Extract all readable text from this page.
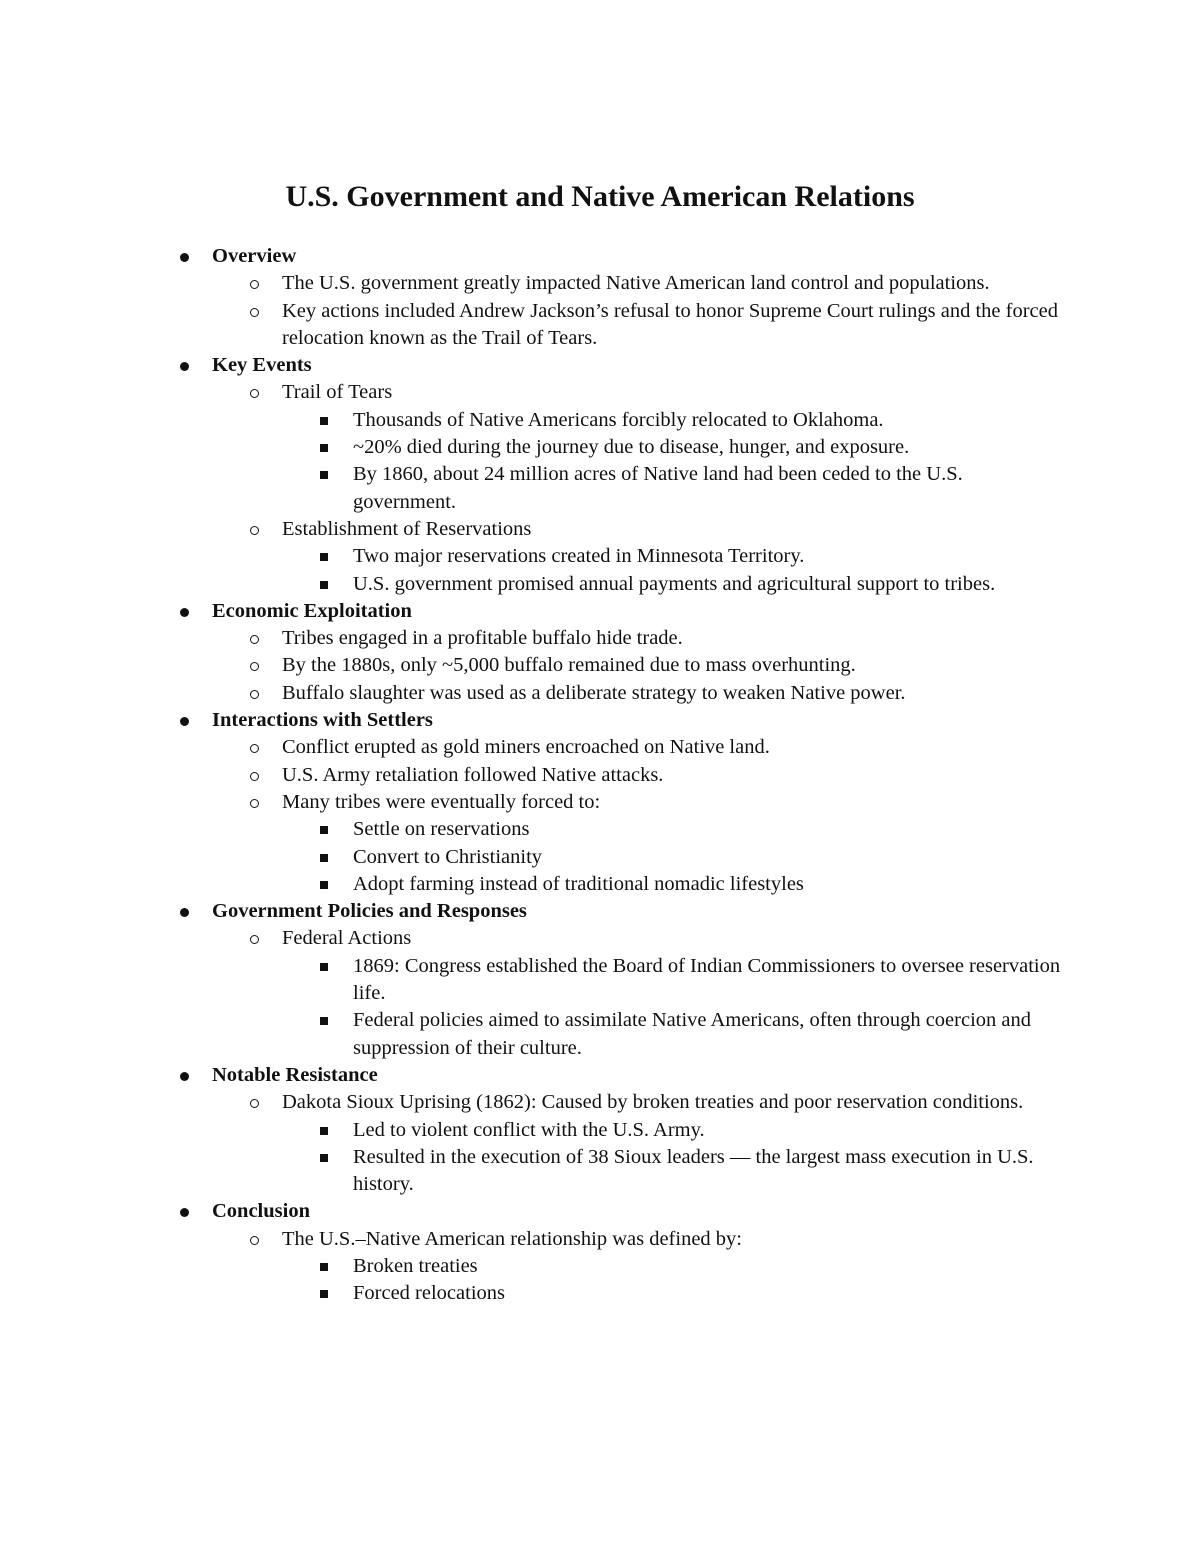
U.S. Government and Native American Relations
Overview
The U.S. government greatly impacted Native American land control and populations.
Key actions included Andrew Jackson’s refusal to honor Supreme Court rulings and the forced relocation known as the Trail of Tears.
Key Events
Trail of Tears
Thousands of Native Americans forcibly relocated to Oklahoma.
~20% died during the journey due to disease, hunger, and exposure.
By 1860, about 24 million acres of Native land had been ceded to the U.S. government.
Establishment of Reservations
Two major reservations created in Minnesota Territory.
U.S. government promised annual payments and agricultural support to tribes.
Economic Exploitation
Tribes engaged in a profitable buffalo hide trade.
By the 1880s, only ~5,000 buffalo remained due to mass overhunting.
Buffalo slaughter was used as a deliberate strategy to weaken Native power.
Interactions with Settlers
Conflict erupted as gold miners encroached on Native land.
U.S. Army retaliation followed Native attacks.
Many tribes were eventually forced to:
Settle on reservations
Convert to Christianity
Adopt farming instead of traditional nomadic lifestyles
Government Policies and Responses
Federal Actions
1869: Congress established the Board of Indian Commissioners to oversee reservation life.
Federal policies aimed to assimilate Native Americans, often through coercion and suppression of their culture.
Notable Resistance
Dakota Sioux Uprising (1862): Caused by broken treaties and poor reservation conditions.
Led to violent conflict with the U.S. Army.
Resulted in the execution of 38 Sioux leaders — the largest mass execution in U.S. history.
Conclusion
The U.S.–Native American relationship was defined by:
Broken treaties
Forced relocations
